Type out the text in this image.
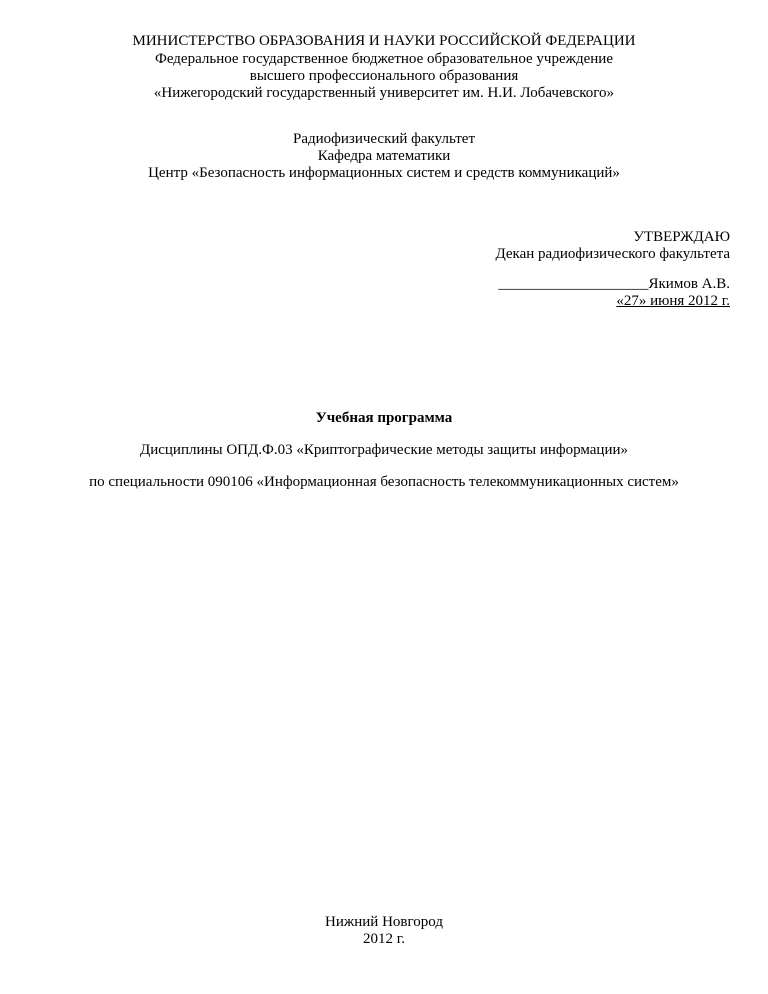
МИНИСТЕРСТВО ОБРАЗОВАНИЯ И НАУКИ РОССИЙСКОЙ ФЕДЕРАЦИИ
Федеральное государственное бюджетное образовательное учреждение
высшего профессионального образования
«Нижегородский государственный университет им. Н.И. Лобачевского»
Радиофизический факультет
Кафедра математики
Центр «Безопасность информационных систем и средств коммуникаций»
УТВЕРЖДАЮ
Декан радиофизического факультета
____________________Якимов А.В.
«27» июня 2012 г.
Учебная программа
Дисциплины ОПД.Ф.03 «Криптографические методы защиты информации»
по специальности 090106 «Информационная безопасность телекоммуникационных систем»
Нижний Новгород
2012 г.
